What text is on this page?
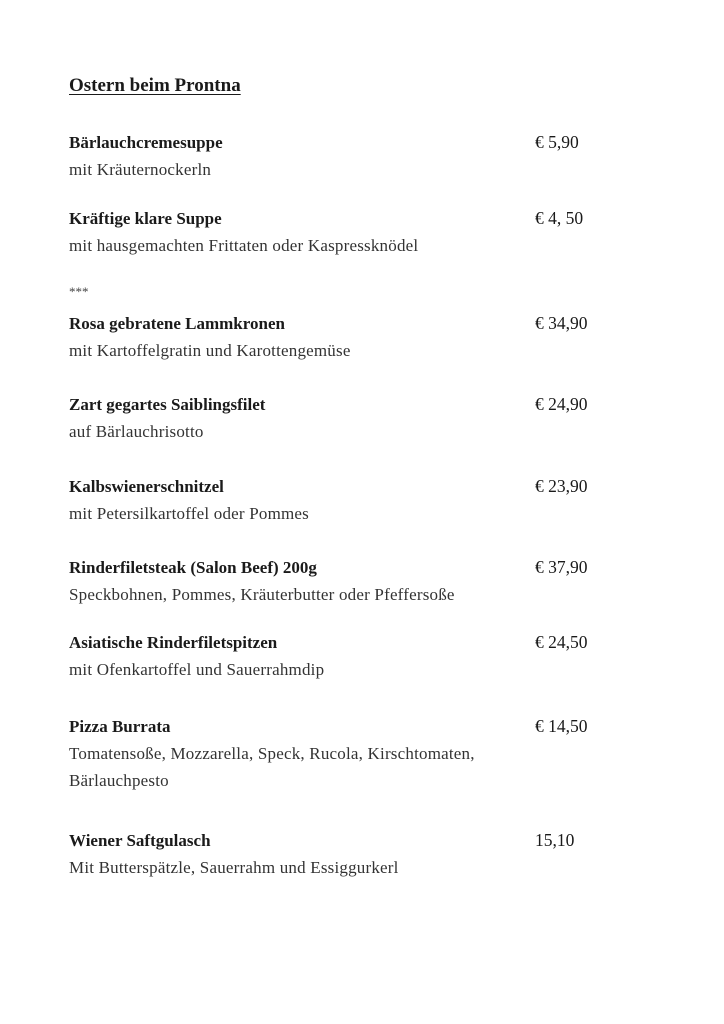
Ostern beim Prontna
Bärlauchcremesuppe	€ 5,90
mit Kräuternockerln
Kräftige klare Suppe	€ 4, 50
mit hausgemachten Frittaten oder Kaspressknödel
***
Rosa gebratene Lammkronen	€ 34,90
mit Kartoffelgratin und Karottengemüse
Zart gegartes Saiblingsfilet	€ 24,90
auf Bärlauchrisotto
Kalbswienerschnitzel	€ 23,90
mit Petersilkartoffel oder Pommes
Rinderfiletsteak (Salon Beef) 200g	€ 37,90
Speckbohnen, Pommes, Kräuterbutter oder Pfeffersoße
Asiatische Rinderfiletspitzen	€ 24,50
mit Ofenkartoffel und Sauerrahmdip
Pizza Burrata	€ 14,50
Tomatensoße, Mozzarella, Speck, Rucola, Kirschtomaten,
Bärlauchpesto
Wiener Saftgulasch	15,10
Mit Butterspätzle, Sauerrahm und Essiggurkerl
